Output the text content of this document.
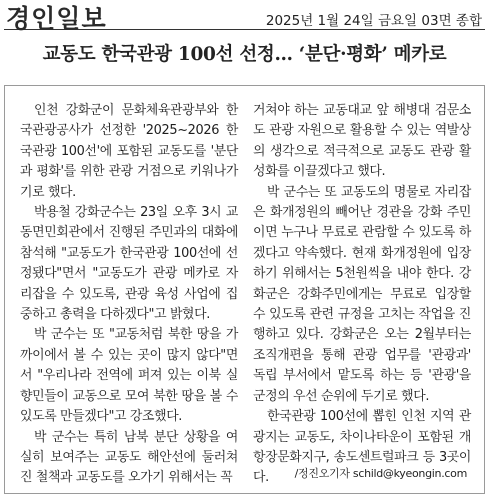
경인일보	2025년 1월 24일 금요일 03면 종합
교동도 한국관광 100선 선정… ‘분단·평화’ 메카로

인천 강화군이 문화체육관광부와 한국관광공사가 선정한 '2025~2026 한국관광 100선'에 포함된 교동도를 '분단과 평화'를 위한 관광 거점으로 키워나가기로 했다.

박용철 강화군수는 23일 오후 3시 교동면민회관에서 진행된 주민과의 대화에 참석해 "교동도가 한국관광 100선에 선정됐다"면서 "교동도가 관광 메카로 자리잡을 수 있도록, 관광 육성 사업에 집중하고 총력을 다하겠다"고 밝혔다.

박 군수는 또 "교동처럼 북한 땅을 가까이에서 볼 수 있는 곳이 많지 않다"면서 "우리나라 전역에 퍼져 있는 이북 실향민들이 교동으로 모여 북한 땅을 볼 수 있도록 만들겠다"고 강조했다.

박 군수는 특히 남북 분단 상황을 여실히 보여주는 교동도 해안선에 둘러쳐진 철책과 교동도를 오가기 위해서는 꼭

거쳐야 하는 교동대교 앞 해병대 검문소도 관광 자원으로 활용할 수 있는 역발상의 생각으로 적극적으로 교동도 관광 활성화를 이끌겠다고 했다.

박 군수는 또 교동도의 명물로 자리잡은 화개정원의 빼어난 경관을 강화 주민이면 누구나 무료로 관람할 수 있도록 하겠다고 약속했다. 현재 화개정원에 입장하기 위해서는 5천원씩을 내야 한다. 강화군은 강화주민에게는 무료로 입장할 수 있도록 관련 규정을 고치는 작업을 진행하고 있다. 강화군은 오는 2월부터는 조직개편을 통해 관광 업무를 '관광과' 독립 부서에서 맡도록 하는 등 '관광'을 군정의 우선 순위에 두기로 했다.

한국관광 100선에 뽑힌 인천 지역 관광지는 교동도, 차이나타운이 포함된 개항장문화지구, 송도센트럴파크 등 3곳이다.	/정진오기자 schild@kyeongin.com
